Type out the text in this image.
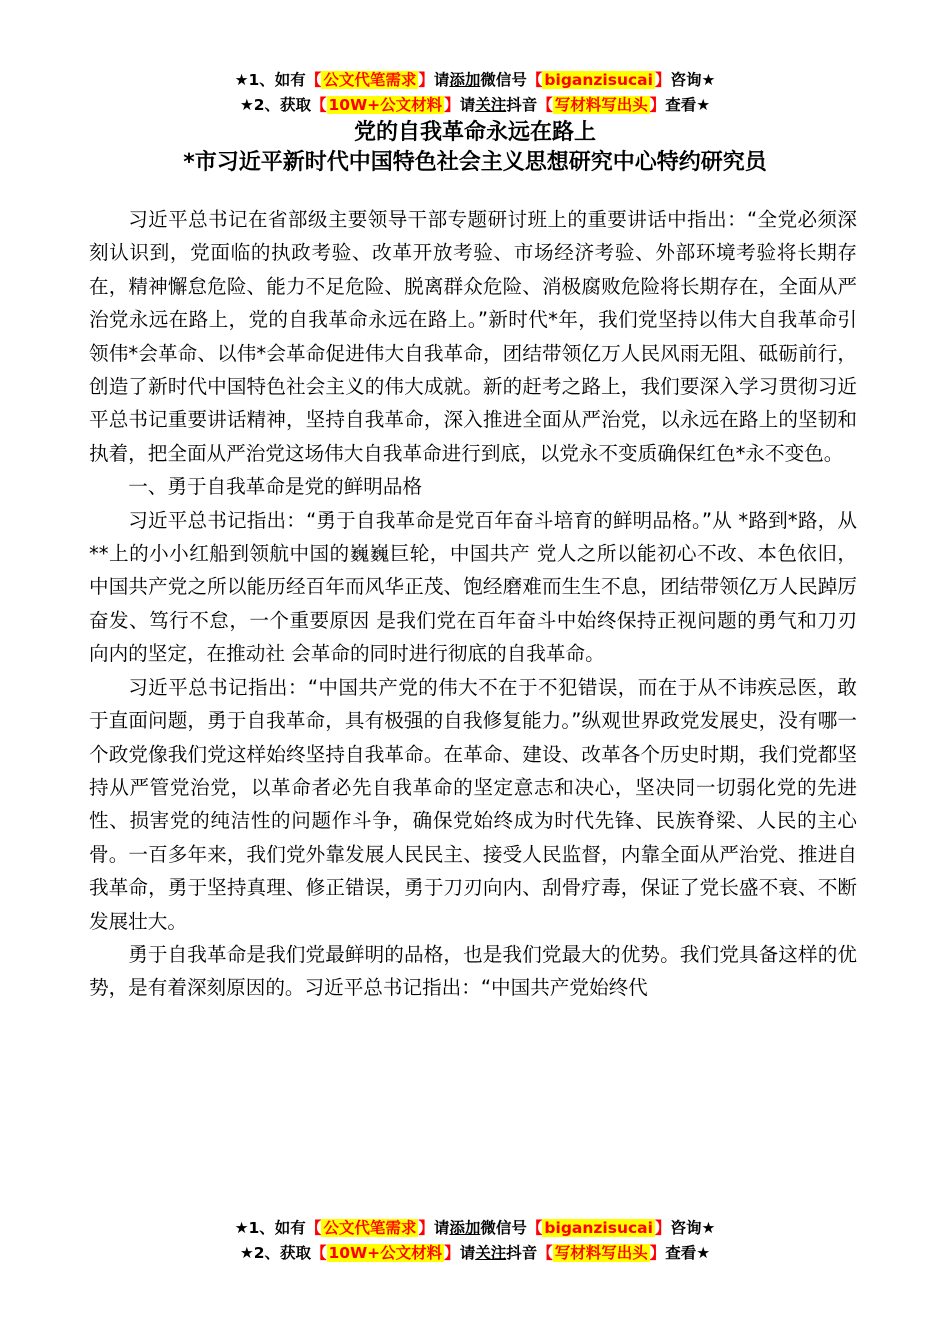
★1、如有【 公文代笔需求 】请添加微信号【 biganzisucai 】咨询★
★2、获取【 10W+公文材料 】请关注抖音【 写材料写出头 】查看★
党的自我革命永远在路上
*市习近平新时代中国特色社会主义思想研究中心特约研究员

习近平总书记在省部级主要领导干部专题研讨班上的重要讲话中指出：“全党必须深刻认识到，党面临的执政考验、改革开放考验、市场经济考验、外部环境考验将长期存在，精神懈怠危险、能力不足危险、脱离群众危险、消极腐败危险将长期存在，全面从严治党永远在路上，党的自我革命永远在路上。”新时代*年，我们党坚持以伟大自我革命引领伟*会革命、以伟*会革命促进伟大自我革命，团结带领亿万人民风雨无阻、砥砺前行，创造了新时代中国特色社会主义的伟大成就。新的赶考之路上，我们要深入学习贯彻习近平总书记重要讲话精神，坚持自我革命，深入推进全面从严治党，以永远在路上的坚韧和执着，把全面从严治党这场伟大自我革命进行到底，以党永不变质确保红色*永不变色。

一、勇于自我革命是党的鲜明品格

习近平总书记指出：“勇于自我革命是党百年奋斗培育的鲜明品格。”从 *路到*路，从**上的小小红船到领航中国的巍巍巨轮，中国共产 党人之所以能初心不改、本色依旧，中国共产党之所以能历经百年而风华正茂、饱经磨难而生生不息，团结带领亿万人民踔厉奋发、笃行不怠，一个重要原因 是我们党在百年奋斗中始终保持正视问题的勇气和刀刃向内的坚定，在推动社 会革命的同时进行彻底的自我革命。

习近平总书记指出：“中国共产党的伟大不在于不犯错误，而在于从不讳疾忌医，敢于直面问题，勇于自我革命，具有极强的自我修复能力。”纵观世界政党发展史，没有哪一个政党像我们党这样始终坚持自我革命。在革命、建设、改革各个历史时期，我们党都坚持从严管党治党，以革命者必先自我革命的坚定意志和决心，坚决同一切弱化党的先进性、损害党的纯洁性的问题作斗争，确保党始终成为时代先锋、民族脊梁、人民的主心骨。一百多年来，我们党外靠发展人民民主、接受人民监督，内靠全面从严治党、推进自我革命，勇于坚持真理、修正错误，勇于刀刃向内、刮骨疗毒，保证了党长盛不衰、不断发展壮大。

勇于自我革命是我们党最鲜明的品格，也是我们党最大的优势。我们党具备这样的优势，是有着深刻原因的。习近平总书记指出：“中国共产党始终代

★1、如有【 公文代笔需求 】请添加微信号【 biganzisucai 】咨询★
★2、获取【 10W+公文材料 】请关注抖音【 写材料写出头 】查看★
